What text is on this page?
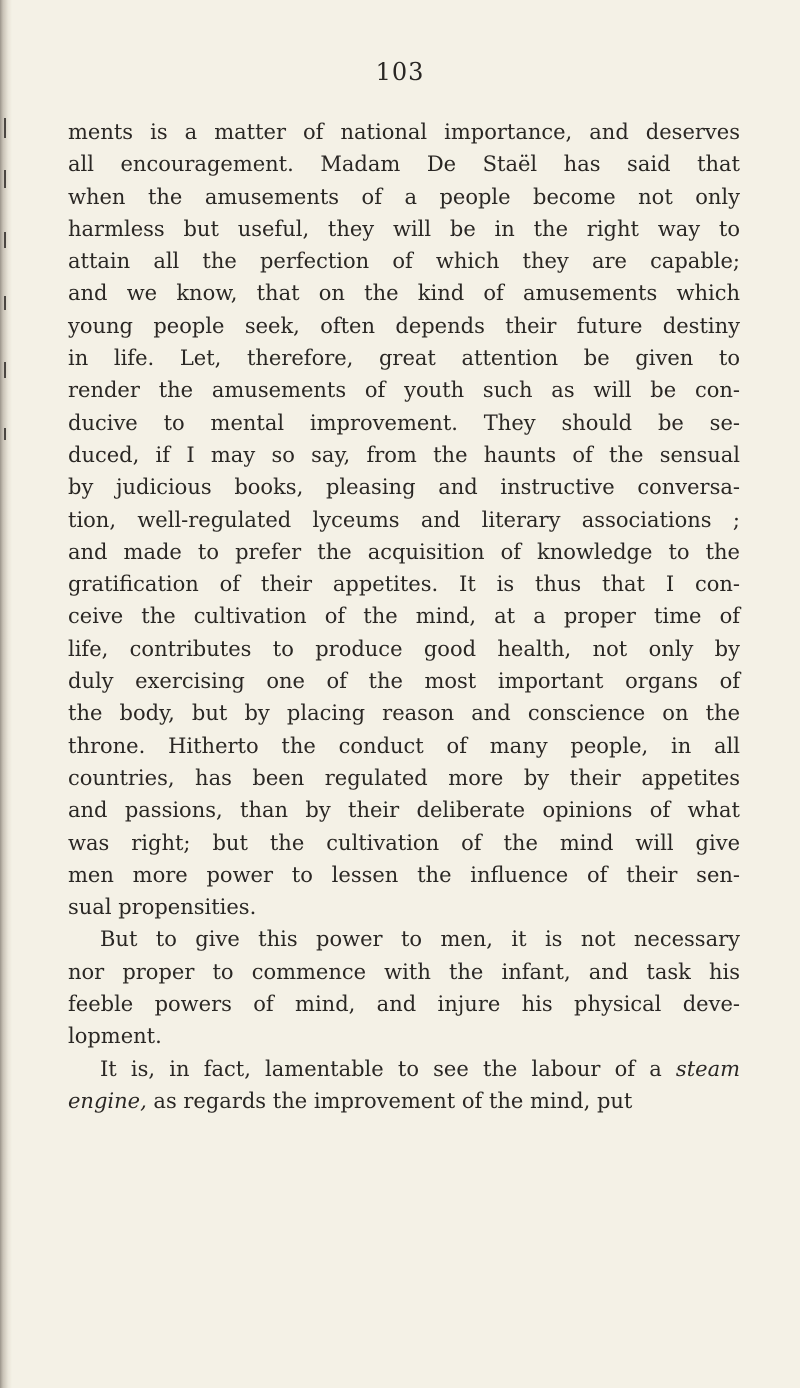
103
ments is a matter of national importance, and deserves
all encouragement. Madam De Staël has said that
when the amusements of a people become not only
harmless but useful, they will be in the right way to
attain all the perfection of which they are capable;
and we know, that on the kind of amusements which
young people seek, often depends their future destiny
in life. Let, therefore, great attention be given to
render the amusements of youth such as will be con-
ducive to mental improvement. They should be se-
duced, if I may so say, from the haunts of the sensual
by judicious books, pleasing and instructive conversa-
tion, well-regulated lyceums and literary associations ;
and made to prefer the acquisition of knowledge to the
gratification of their appetites. It is thus that I con-
ceive the cultivation of the mind, at a proper time of
life, contributes to produce good health, not only by
duly exercising one of the most important organs of
the body, but by placing reason and conscience on the
throne. Hitherto the conduct of many people, in all
countries, has been regulated more by their appetites
and passions, than by their deliberate opinions of what
was right; but the cultivation of the mind will give
men more power to lessen the influence of their sen-
sual propensities.
But to give this power to men, it is not necessary
nor proper to commence with the infant, and task his
feeble powers of mind, and injure his physical deve-
lopment.
It is, in fact, lamentable to see the labour of a steam
engine, as regards the improvement of the mind, put
